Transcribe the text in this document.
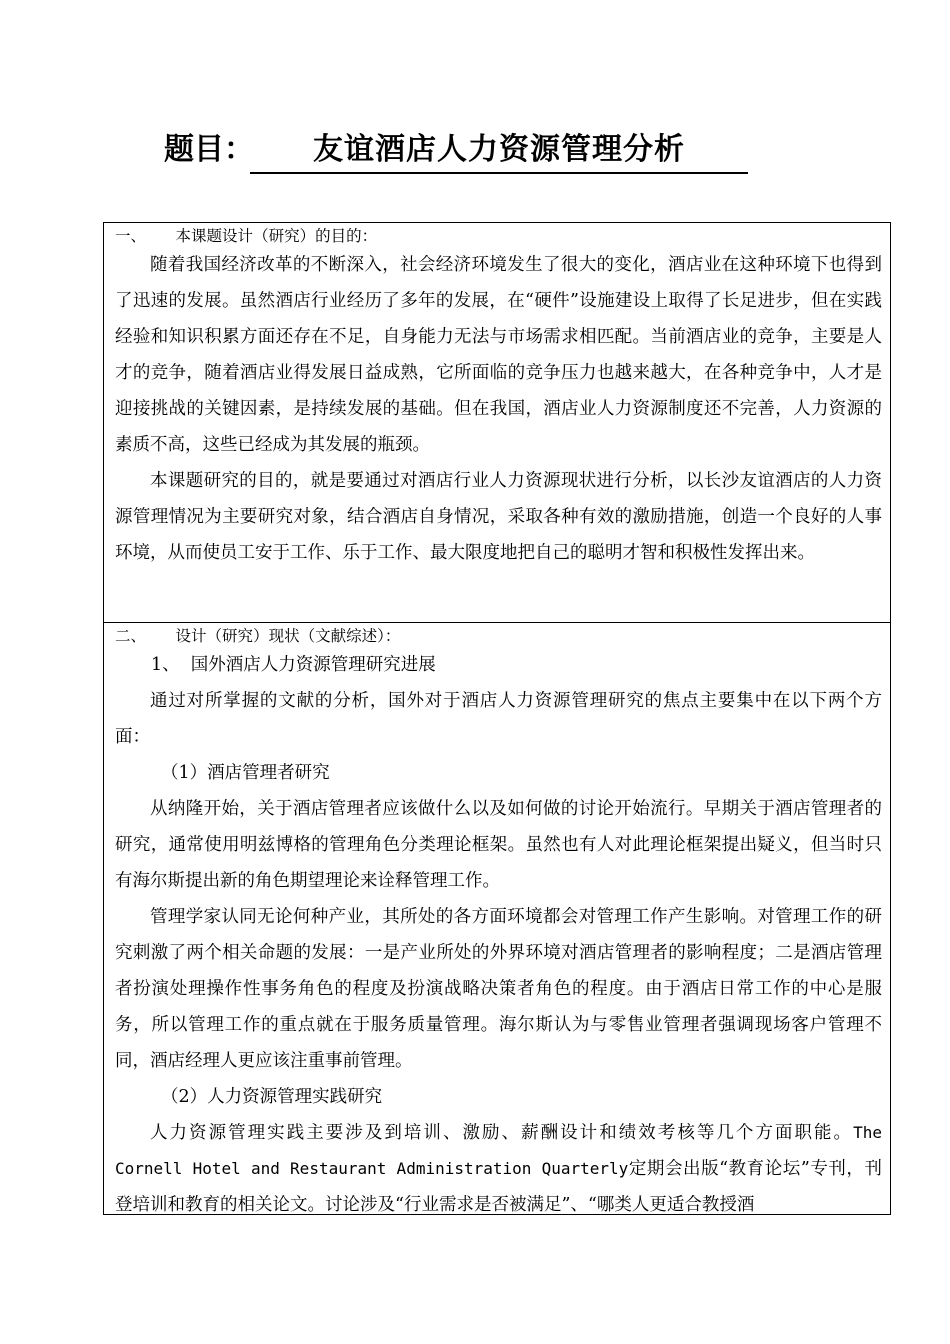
题目：	友谊酒店人力资源管理分析
一、      本课题设计（研究）的目的：

随着我国经济改革的不断深入，社会经济环境发生了很大的变化，酒店业在这种环境下也得到了迅速的发展。虽然酒店行业经历了多年的发展，在“硬件”设施建设上取得了长足进步，但在实践经验和知识积累方面还存在不足，自身能力无法与市场需求相匹配。当前酒店业的竞争，主要是人才的竞争，随着酒店业得发展日益成熟，它所面临的竞争压力也越来越大，在各种竞争中，人才是迎接挑战的关键因素，是持续发展的基础。但在我国，酒店业人力资源制度还不完善，人力资源的素质不高，这些已经成为其发展的瓶颈。

本课题研究的目的，就是要通过对酒店行业人力资源现状进行分析，以长沙友谊酒店的人力资源管理情况为主要研究对象，结合酒店自身情况，采取各种有效的激励措施，创造一个良好的人事环境，从而使员工安于工作、乐于工作、最大限度地把自己的聪明才智和积极性发挥出来。

二、      设计（研究）现状（文献综述）：

1、  国外酒店人力资源管理研究进展

通过对所掌握的文献的分析，国外对于酒店人力资源管理研究的焦点主要集中在以下两个方面：

（1）酒店管理者研究

从纳隆开始，关于酒店管理者应该做什么以及如何做的讨论开始流行。早期关于酒店管理者的研究，通常使用明兹博格的管理角色分类理论框架。虽然也有人对此理论框架提出疑义，但当时只有海尔斯提出新的角色期望理论来诠释管理工作。

管理学家认同无论何种产业，其所处的各方面环境都会对管理工作产生影响。对管理工作的研究刺激了两个相关命题的发展：一是产业所处的外界环境对酒店管理者的影响程度；二是酒店管理者扮演处理操作性事务角色的程度及扮演战略决策者角色的程度。由于酒店日常工作的中心是服务，所以管理工作的重点就在于服务质量管理。海尔斯认为与零售业管理者强调现场客户管理不同，酒店经理人更应该注重事前管理。

（2）人力资源管理实践研究

人力资源管理实践主要涉及到培训、激励、薪酬设计和绩效考核等几个方面职能。The Cornell Hotel and Restaurant Administration Quarterly定期会出版“教育论坛”专刊，刊登培训和教育的相关论文。讨论涉及“行业需求是否被满足”、“哪类人更适合教授酒
